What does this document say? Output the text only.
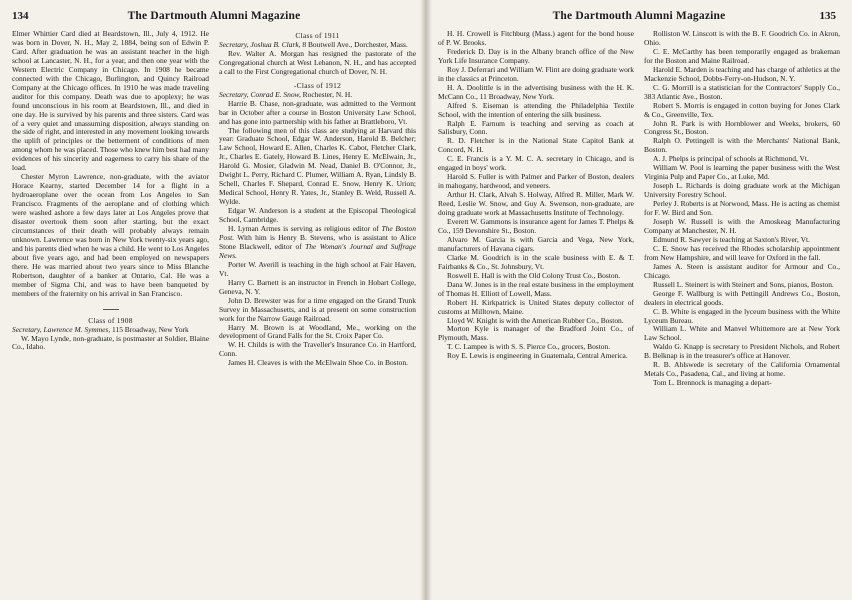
134	The Dartmouth Alumni Magazine

Elmer Whittier Card died at Beardstown, Ill., July 4, 1912. He was born in Dover, N. H., May 2, 1884, being son of Edwin P. Card. After graduation he was an assistant teacher in the high school at Lancaster, N. H., for a year, and then one year with the Western Electric Company in Chicago. In 1908 he became connected with the Chicago, Burlington, and Quincy Railroad Company at the Chicago offices. In 1910 he was made traveling auditor for this company. Death was due to apoplexy; he was found unconscious in his room at Beardstown, Ill., and died in one day. He is survived by his parents and three sisters. Card was of a very quiet and unassuming disposition, always standing on the side of right, and interested in any movement looking towards the uplift of principles or the betterment of conditions of men among whom he was placed. Those who knew him best had many evidences of his sincerity and eagerness to carry his share of the load.

Chester Myron Lawrence, non-graduate, with the aviator Horace Kearny, started December 14 for a flight in a hydroaeroplane over the ocean from Los Angeles to San Francisco. Fragments of the aeroplane and of clothing which were washed ashore a few days later at Los Angeles prove that disaster overtook them soon after starting, but the exact circumstances of their death will probably always remain unknown. Lawrence was born in New York twenty-six years ago, and his parents died when he was a child. He went to Los Angeles about five years ago, and had been employed on newspapers there. He was married about two years since to Miss Blanche Robertson, daughter of a banker at Ontario, Cal. He was a member of Sigma Chi, and was to have been banqueted by members of the fraternity on his arrival in San Francisco.

Class of 1908

Secretary, Lawrence M. Symmes, 115 Broadway, New York

W. Mayo Lynde, non-graduate, is postmaster at Soldier, Blaine Co., Idaho.

Class of 1911

Secretary, Joshua B. Clark, 8 Boutwell Ave., Dorchester, Mass.

Rev. Walter A. Morgan has resigned the pastorate of the Congregational church at West Lebanon, N. H., and has accepted a call to the First Congregational church of Dover, N. H.

-Class of 1912

Secretary, Conrad E. Snow, Rochester, N. H.

Harrie B. Chase, non-graduate, was admitted to the Vermont bar in October after a course in Boston University Law School, and has gone into partnership with his father at Brattleboro, Vt.

The following men of this class are studying at Harvard this year: Graduate School, Edgar W. Anderson, Harold B. Belcher; Law School, Howard E. Allen, Charles K. Cabot, Fletcher Clark, Jr., Charles E. Gately, Howard B. Lines, Henry E. McElwain, Jr., Harold G. Mosier, Gladwin M. Nead, Daniel B. O'Connor, Jr., Dwight L. Perry, Richard C. Plumer, William A. Ryan, Lindsly B. Schell, Charles F. Shepard, Conrad E. Snow, Henry K. Urion; Medical School, Henry R. Yates, Jr., Stanley B. Weld, Russell A. Wylde.

Edgar W. Anderson is a student at the Episcopal Theological School, Cambridge.

H. Lyman Armes is serving as religious editor of The Boston Post. With him is Henry B. Stevens, who is assistant to Alice Stone Blackwell, editor of The Woman's Journal and Suffrage News.

Porter W. Averill is teaching in the high school at Fair Haven, Vt.

Harry C. Barnett is an instructor in French in Hobart College, Geneva, N. Y.

John D. Brewster was for a time engaged on the Grand Trunk Survey in Massachusetts, and is at present on some construction work for the Narrow Gauge Railroad.

Harry M. Brown is at Woodland, Me., working on the development of Grand Falls for the St. Croix Paper Co.

W. H. Childs is with the Traveller's Insurance Co. in Hartford, Conn.

James H. Cleaves is with the McElwain Shoe Co. in Boston.

The Dartmouth Alumni Magazine	135

H. H. Crowell is Fitchburg (Mass.) agent for the bond house of P. W. Brooks.

Frederick D. Day is in the Albany branch office of the New York Life Insurance Company.

Roy J. Deferrari and William W. Flint are doing graduate work in the classics at Princeton.

H. A. Doolittle is in the advertising business with the H. K. McCann Co., 11 Broadway, New York.

Alfred S. Eiseman is attending the Philadelphia Textile School, with the intention of entering the silk business.

Ralph E. Farnum is teaching and serving as coach at Salisbury, Conn.

R. D. Fletcher is in the National State Capitol Bank at Concord, N. H.

C. E. Francis is a Y. M. C. A. secretary in Chicago, and is engaged in boys' work.

Harold S. Fuller is with Palmer and Parker of Boston, dealers in mahogany, hardwood, and veneers.

Arthur H. Clark, Alvah S. Holway, Alfred R. Miller, Mark W. Reed, Leslie W. Snow, and Guy A. Swenson, non-graduate, are doing graduate work at Massachusetts Institute of Technology.

Everett W. Gammons is insurance agent for James T. Phelps & Co., 159 Devonshire St., Boston.

Alvaro M. Garcia is with Garcia and Vega, New York, manufacturers of Havana cigars.

Clarke M. Goodrich is in the scale business with E. & T. Fairbanks & Co., St. Johnsbury, Vt.

Roswell E. Hall is with the Old Colony Trust Co., Boston.

Dana W. Jones is in the real estate business in the employment of Thomas H. Elliott of Lowell, Mass.

Robert H. Kirkpatrick is United States deputy collector of customs at Milltown, Maine.

Lloyd W. Knight is with the American Rubber Co., Boston.

Morton Kyle is manager of the Bradford Joint Co., of Plymouth, Mass.

T. C. Lampee is with S. S. Pierce Co., grocers, Boston.

Roy E. Lewis is engineering in Guatemala, Central America.

Rolliston W. Linscott is with the B. F. Goodrich Co. in Akron, Ohio.

C. E. McCarthy has been temporarily engaged as brakeman for the Boston and Maine Railroad.

Harold E. Marden is teaching and has charge of athletics at the Mackenzie School, Dobbs-Ferry-on-Hudson, N. Y.

C. G. Morrill is a statistician for the Contractors' Supply Co., 383 Atlantic Ave., Boston.

Robert S. Morris is engaged in cotton buying for Jones Clark & Co., Greenville, Tex.

John R. Park is with Hornblower and Weeks, brokers, 60 Congress St., Boston.

Ralph O. Pettingell is with the Merchants' National Bank, Boston.

A. J. Phelps is principal of schools at Richmond, Vt.

William W. Pool is learning the paper business with the West Virginia Pulp and Paper Co., at Luke, Md.

Joseph L. Richards is doing graduate work at the Michigan University Forestry School.

Perley J. Roberts is at Norwood, Mass. He is acting as chemist for F. W. Bird and Son.

Joseph W. Russell is with the Amoskeag Manufacturing Company at Manchester, N. H.

Edmund R. Sawyer is teaching at Saxton's River, Vt.

C. E. Snow has received the Rhodes scholarship appointment from New Hampshire, and will leave for Oxford in the fall.

James A. Steen is assistant auditor for Armour and Co., Chicago.

Russell L. Steinert is with Steinert and Sons, pianos, Boston.

George F. Wallburg is with Pettingill Andrews Co., Boston, dealers in electrical goods.

C. B. White is engaged in the lyceum business with the White Lyceum Bureau.

William L. White and Manvel Whittemore are at New York Law School.

Waldo G. Knapp is secretary to President Nichols, and Robert B. Belknap is in the treasurer's office at Hanover.

R. B. Ahlswede is secretary of the California Ornamental Metals Co., Pasadena, Cal., and living at home.

Tom L. Brennock is managing a depart-
